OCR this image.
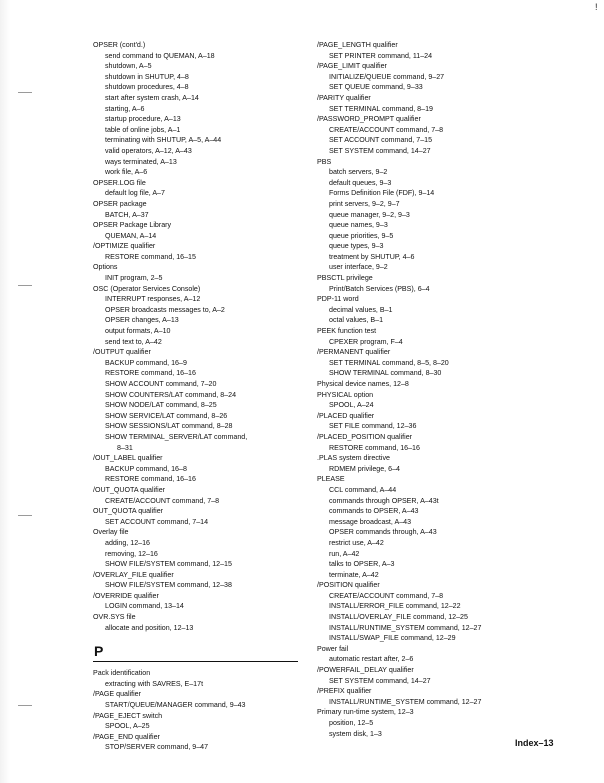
!
OPSER (cont'd.)
send command to QUEMAN, A–18
shutdown, A–5
shutdown in SHUTUP, 4–8
shutdown procedures, 4–8
start after system crash, A–14
starting, A–6
startup procedure, A–13
table of online jobs, A–1
terminating with SHUTUP, A–5, A–44
valid operators, A–12, A–43
ways terminated, A–13
work file, A–6
OPSER.LOG file
default log file, A–7
OPSER package
BATCH, A–37
OPSER Package Library
QUEMAN, A–14
/OPTIMIZE qualifier
RESTORE command, 16–15
Options
INIT program, 2–5
OSC (Operator Services Console)
INTERRUPT responses, A–12
OPSER broadcasts messages to, A–2
OPSER changes, A–13
output formats, A–10
send text to, A–42
/OUTPUT qualifier
BACKUP command, 16–9
RESTORE command, 16–16
SHOW ACCOUNT command, 7–20
SHOW COUNTERS/LAT command, 8–24
SHOW NODE/LAT command, 8–25
SHOW SERVICE/LAT command, 8–26
SHOW SESSIONS/LAT command, 8–28
SHOW TERMINAL_SERVER/LAT command,
8–31
/OUT_LABEL qualifier
BACKUP command, 16–8
RESTORE command, 16–16
/OUT_QUOTA qualifier
CREATE/ACCOUNT command, 7–8
OUT_QUOTA qualifier
SET ACCOUNT command, 7–14
Overlay file
adding, 12–16
removing, 12–16
SHOW FILE/SYSTEM command, 12–15
/OVERLAY_FILE qualifier
SHOW FILE/SYSTEM command, 12–38
/OVERRIDE qualifier
LOGIN command, 13–14
OVR.SYS file
allocate and position, 12–13
P
Pack identification
extracting with SAVRES, E–17t
/PAGE qualifier
START/QUEUE/MANAGER command, 9–43
/PAGE_EJECT switch
SPOOL, A–25
/PAGE_END qualifier
STOP/SERVER command, 9–47
/PAGE_LENGTH qualifier
SET PRINTER command, 11–24
/PAGE_LIMIT qualifier
INITIALIZE/QUEUE command, 9–27
SET QUEUE command, 9–33
/PARITY qualifier
SET TERMINAL command, 8–19
/PASSWORD_PROMPT qualifier
CREATE/ACCOUNT command, 7–8
SET ACCOUNT command, 7–15
SET SYSTEM command, 14–27
PBS
batch servers, 9–2
default queues, 9–3
Forms Definition File (FDF), 9–14
print servers, 9–2, 9–7
queue manager, 9–2, 9–3
queue names, 9–3
queue priorities, 9–5
queue types, 9–3
treatment by SHUTUP, 4–6
user interface, 9–2
PBSCTL privilege
Print/Batch Services (PBS), 6–4
PDP-11 word
decimal values, B–1
octal values, B–1
PEEK function test
CPEXER program, F–4
/PERMANENT qualifier
SET TERMINAL command, 8–5, 8–20
SHOW TERMINAL command, 8–30
Physical device names, 12–8
PHYSICAL option
SPOOL, A–24
/PLACED qualifier
SET FILE command, 12–36
/PLACED_POSITION qualifier
RESTORE command, 16–16
.PLAS system directive
RDMEM privilege, 6–4
PLEASE
CCL command, A–44
commands through OPSER, A–43t
commands to OPSER, A–43
message broadcast, A–43
OPSER commands through, A–43
restrict use, A–42
run, A–42
talks to OPSER, A–3
terminate, A–42
/POSITION qualifier
CREATE/ACCOUNT command, 7–8
INSTALL/ERROR_FILE command, 12–22
INSTALL/OVERLAY_FILE command, 12–25
INSTALL/RUNTIME_SYSTEM command, 12–27
INSTALL/SWAP_FILE command, 12–29
Power fail
automatic restart after, 2–6
/POWERFAIL_DELAY qualifier
SET SYSTEM command, 14–27
/PREFIX qualifier
INSTALL/RUNTIME_SYSTEM command, 12–27
Primary run-time system, 12–3
position, 12–5
system disk, 1–3
Index–13
